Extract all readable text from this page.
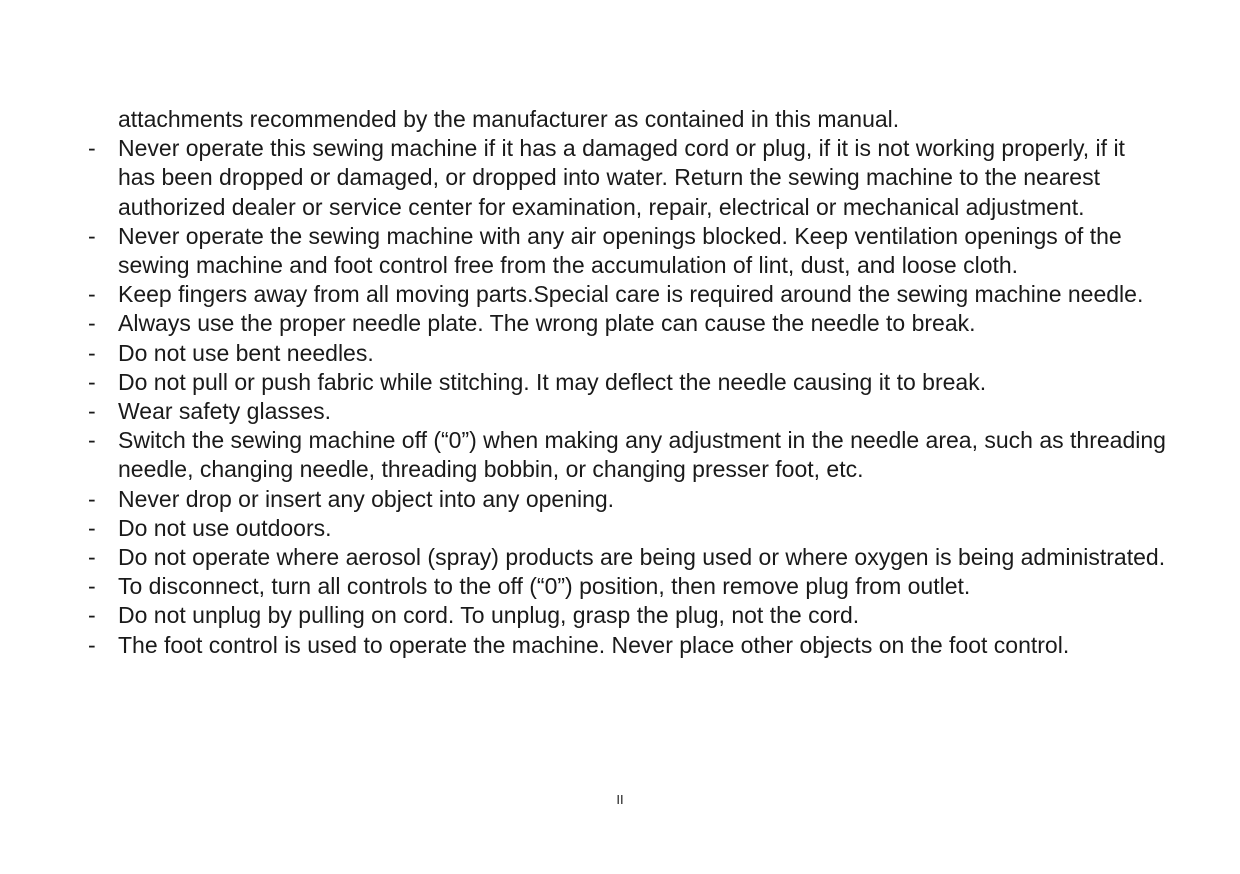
attachments recommended by the manufacturer as contained in this manual.

- Never operate this sewing machine if it has a damaged cord or plug, if it is not working properly, if it has been dropped or damaged, or dropped into water. Return the sewing machine to the nearest authorized dealer or service center for examination, repair, electrical or mechanical adjustment.
- Never operate the sewing machine with any air openings blocked. Keep ventilation openings of the sewing machine and foot control free from the accumulation of lint, dust, and loose cloth.
- Keep fingers away from all moving parts.Special care is required around the sewing machine needle.
- Always use the proper needle plate. The wrong plate can cause the needle to break.
- Do not use bent needles.
- Do not pull or push fabric while stitching. It may deflect the needle causing it to break.
- Wear safety glasses.
- Switch the sewing machine off (“0”) when making any adjustment in the needle area, such as threading needle, changing needle, threading bobbin, or changing presser foot, etc.
- Never drop or insert any object into any opening.
- Do not use outdoors.
- Do not operate where aerosol (spray) products are being used or where oxygen is being administrated.
- To disconnect, turn all controls to the off (“0”) position, then remove plug from outlet.
- Do not unplug by pulling on cord. To unplug, grasp the plug, not the cord.
- The foot control is used to operate the machine. Never place other objects on the foot control.
II
